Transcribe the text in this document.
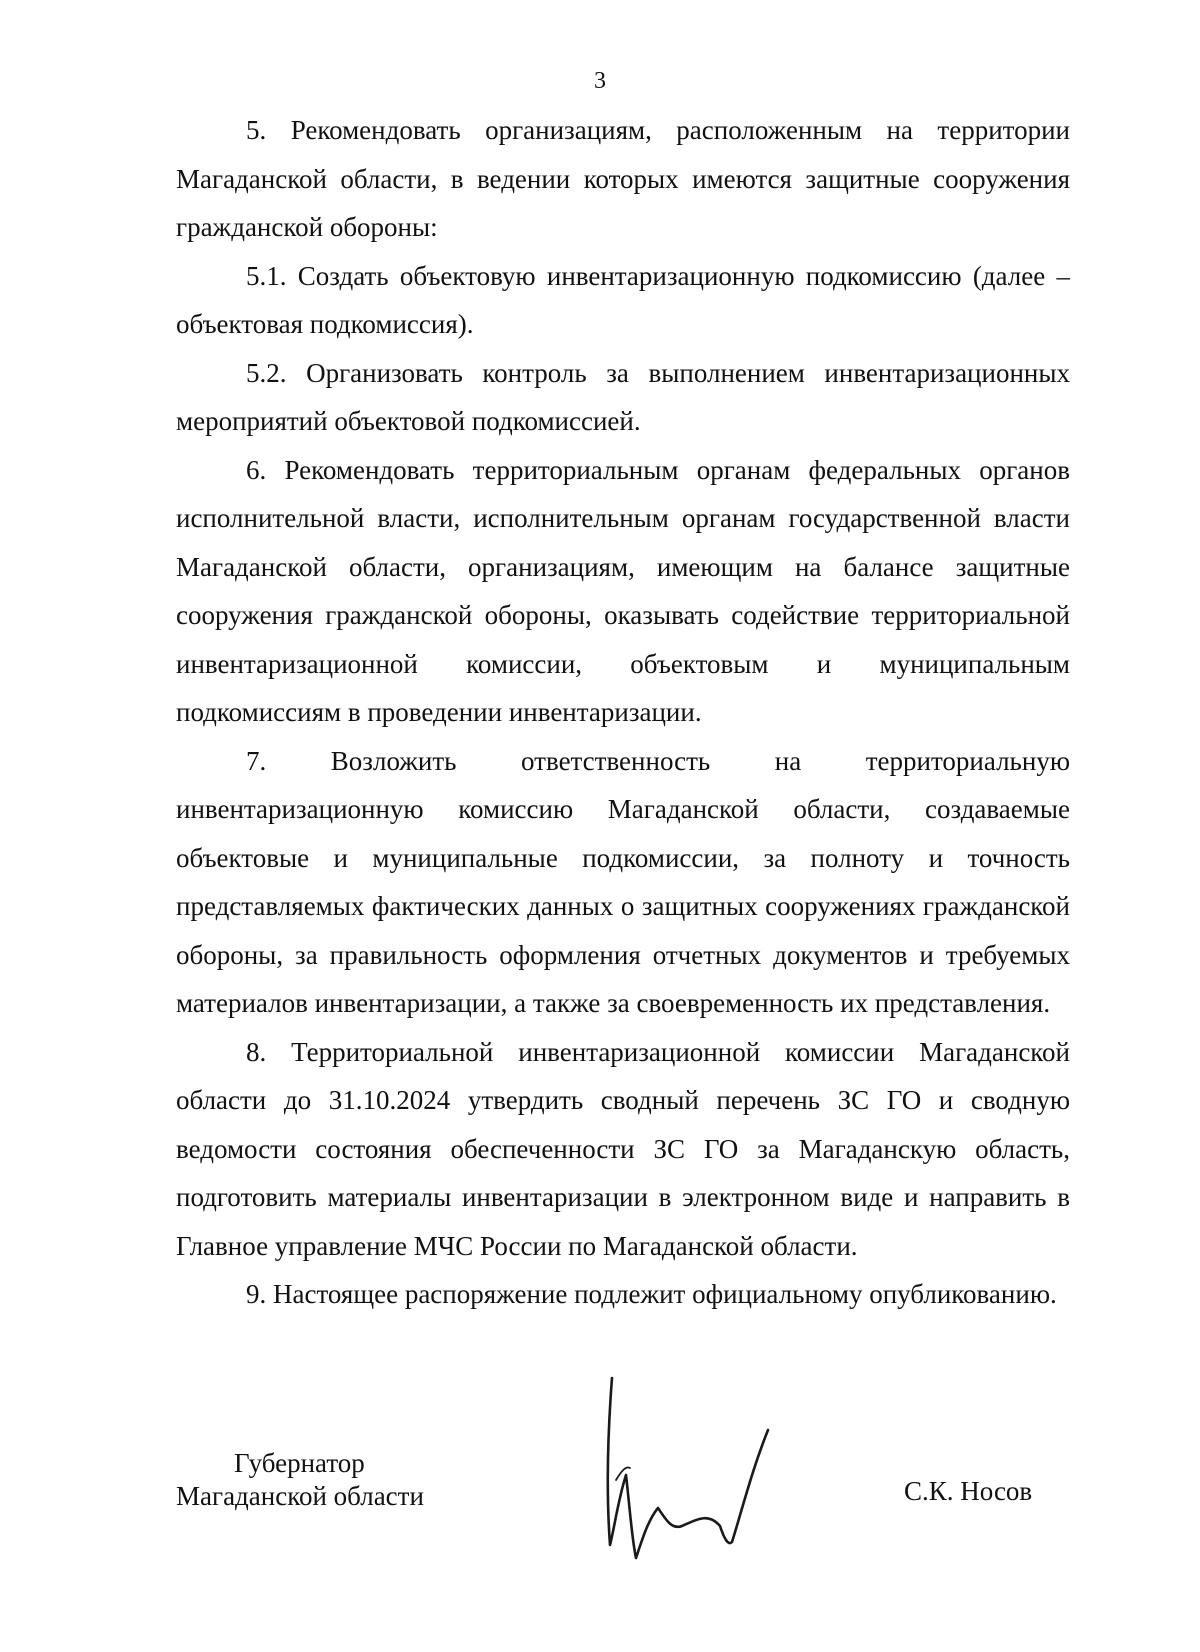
3

5. Рекомендовать организациям, расположенным на территории Магаданской области, в ведении которых имеются защитные сооружения гражданской обороны:

5.1. Создать объектовую инвентаризационную подкомиссию (далее – объектовая подкомиссия).

5.2. Организовать контроль за выполнением инвентаризационных мероприятий объектовой подкомиссией.

6. Рекомендовать территориальным органам федеральных органов исполнительной власти, исполнительным органам государственной власти Магаданской области, организациям, имеющим на балансе защитные сооружения гражданской обороны, оказывать содействие территориальной инвентаризационной комиссии, объектовым и муниципальным подкомиссиям в проведении инвентаризации.

7. Возложить ответственность на территориальную инвентаризационную комиссию Магаданской области, создаваемые объектовые и муниципальные подкомиссии, за полноту и точность представляемых фактических данных о защитных сооружениях гражданской обороны, за правильность оформления отчетных документов и требуемых материалов инвентаризации, а также за своевременность их представления.

8. Территориальной инвентаризационной комиссии Магаданской области до 31.10.2024 утвердить сводный перечень ЗС ГО и сводную ведомости состояния обеспеченности ЗС ГО за Магаданскую область, подготовить материалы инвентаризации в электронном виде и направить в Главное управление МЧС России по Магаданской области.

9. Настоящее распоряжение подлежит официальному опубликованию.

Губернатор
Магаданской области	С.К. Носов
